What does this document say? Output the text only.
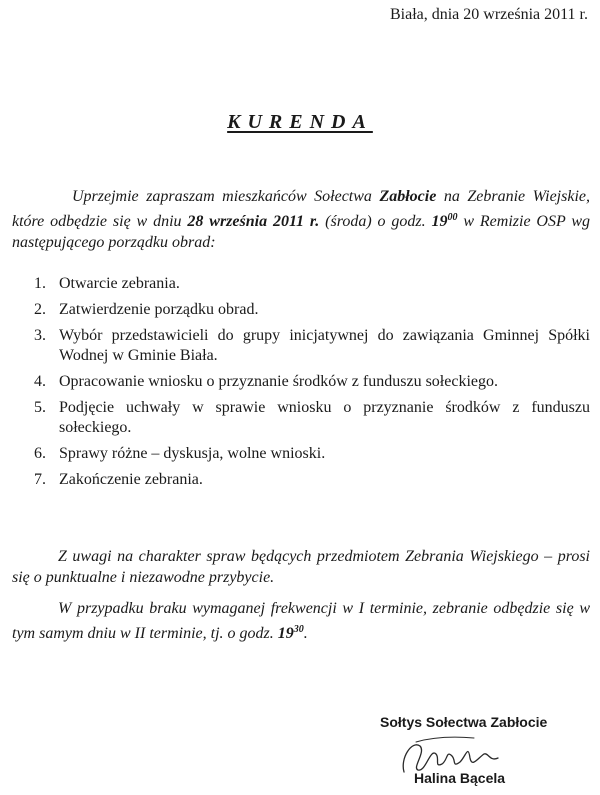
Biała, dnia 20 września 2011 r.
KURENDA

Uprzejmie zapraszam mieszkańców Sołectwa Zabłocie na Zebranie Wiejskie, które odbędzie się w dniu 28 września 2011 r. (środa) o godz. $19^{00}$ w Remizie OSP wg następującego porządku obrad:

1. Otwarcie zebrania.
2. Zatwierdzenie porządku obrad.
3. Wybór przedstawicieli do grupy inicjatywnej do zawiązania Gminnej Spółki Wodnej w Gminie Biała.
4. Opracowanie wniosku o przyznanie środków z funduszu sołeckiego.
5. Podjęcie uchwały w sprawie wniosku o przyznanie środków z funduszu sołeckiego.
6. Sprawy różne – dyskusja, wolne wnioski.
7. Zakończenie zebrania.

Z uwagi na charakter spraw będących przedmiotem Zebrania Wiejskiego – prosi się o punktualne i niezawodne przybycie.

W przypadku braku wymaganej frekwencji w I terminie, zebranie odbędzie się w tym samym dniu w II terminie, tj. o godz. $19^{30}$.

Sołtys Sołectwa Zabłocie
Halina Bącela
